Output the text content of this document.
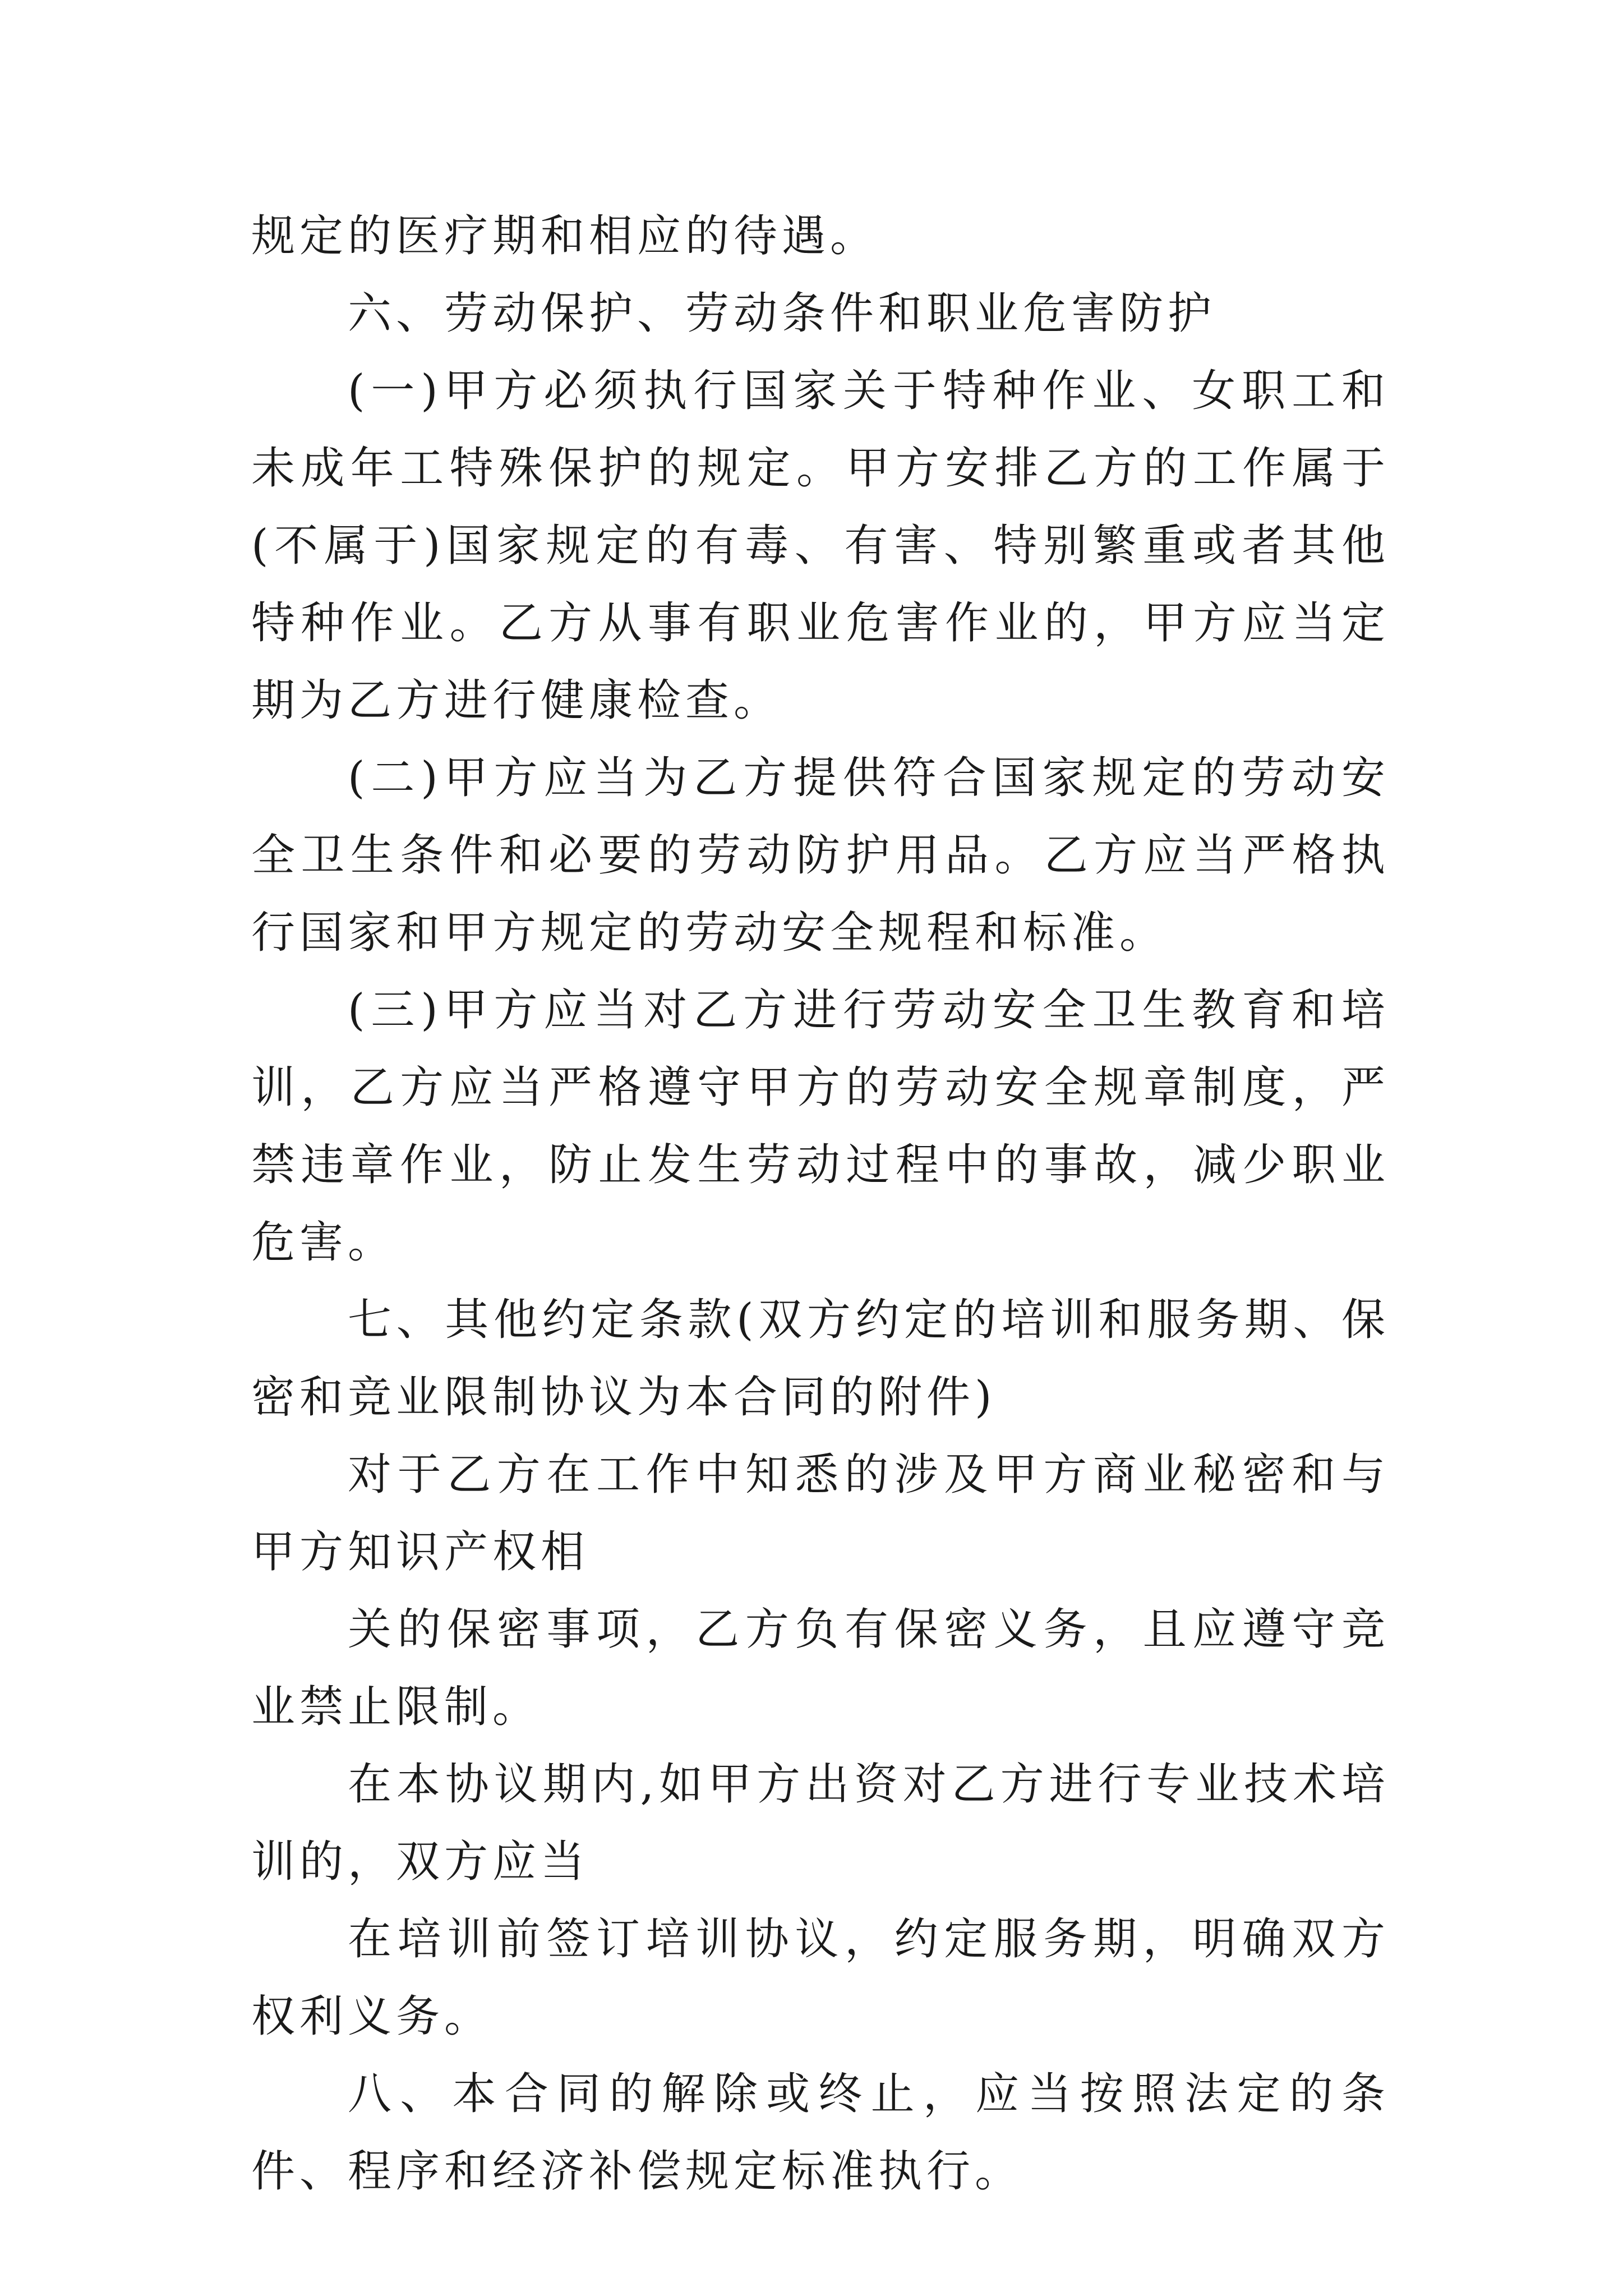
规定的医疗期和相应的待遇。

六、劳动保护、劳动条件和职业危害防护

(一)甲方必须执行国家关于特种作业、女职工和未成年工特殊保护的规定。甲方安排乙方的工作属于(不属于)国家规定的有毒、有害、特别繁重或者其他特种作业。乙方从事有职业危害作业的，甲方应当定期为乙方进行健康检查。

(二)甲方应当为乙方提供符合国家规定的劳动安全卫生条件和必要的劳动防护用品。乙方应当严格执行国家和甲方规定的劳动安全规程和标准。

(三)甲方应当对乙方进行劳动安全卫生教育和培训，乙方应当严格遵守甲方的劳动安全规章制度，严禁违章作业，防止发生劳动过程中的事故，减少职业危害。

七、其他约定条款(双方约定的培训和服务期、保密和竞业限制协议为本合同的附件)

对于乙方在工作中知悉的涉及甲方商业秘密和与甲方知识产权相

关的保密事项，乙方负有保密义务，且应遵守竞业禁止限制。

在本协议期内,如甲方出资对乙方进行专业技术培训的，双方应当

在培训前签订培训协议，约定服务期，明确双方权利义务。

八、本合同的解除或终止，应当按照法定的条件、程序和经济补偿规定标准执行。
